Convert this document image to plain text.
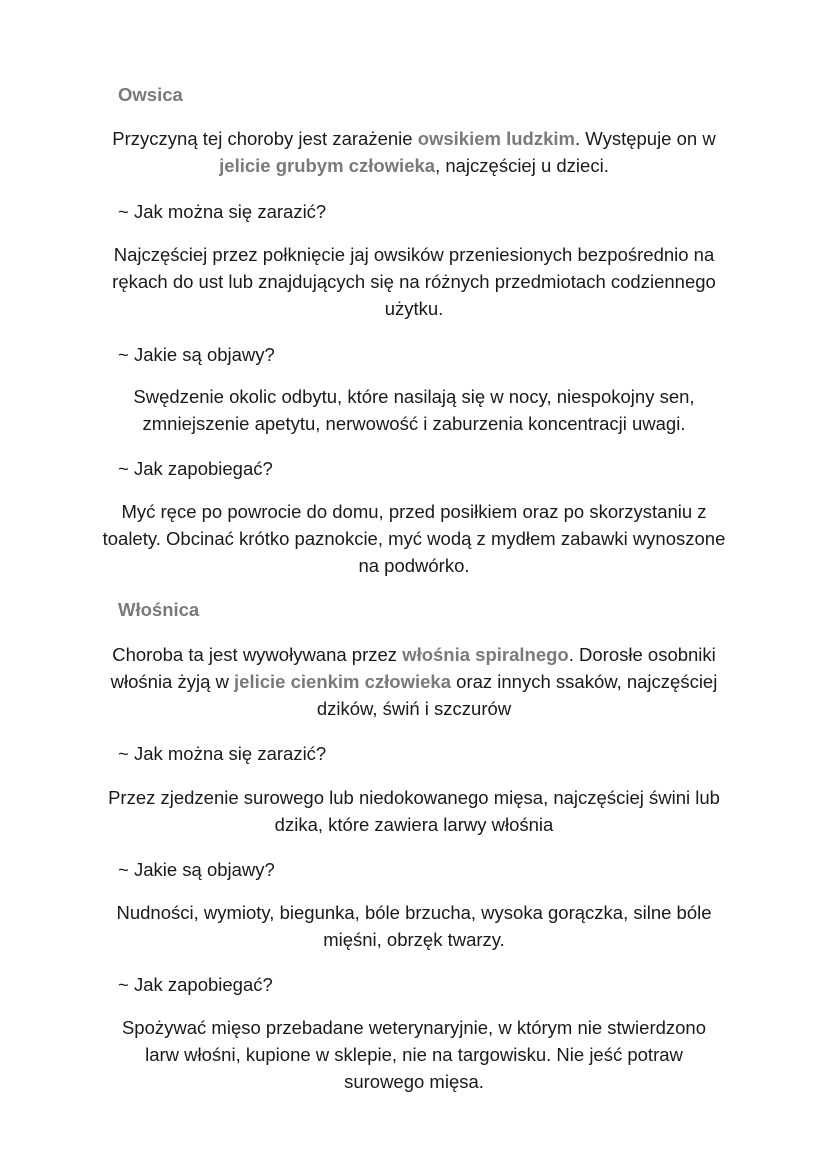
Owsica
Przyczyną tej choroby jest zarażenie owsikiem ludzkim. Występuje on w
jelicie grubym człowieka, najczęściej u dzieci.
~ Jak można się zarazić?
Najczęściej przez połknięcie jaj owsików przeniesionych bezpośrednio na rękach do ust lub znajdujących się na różnych przedmiotach codziennego użytku.
~ Jakie są objawy?
Swędzenie okolic odbytu, które nasilają się w nocy, niespokojny sen, zmniejszenie apetytu, nerwowość i zaburzenia koncentracji uwagi.
~ Jak zapobiegać?
Myć ręce po powrocie do domu, przed posiłkiem oraz po skorzystaniu z toalety. Obcinać krótko paznokcie, myć wodą z mydłem zabawki wynoszone na podwórko.
Włośnica
Choroba ta jest wywoływana przez włośnia spiralnego. Dorosłe osobniki włośnia żyją w jelicie cienkim człowieka oraz innych ssaków, najczęściej dzików, świń i szczurów
~ Jak można się zarazić?
Przez zjedzenie surowego lub niedokowanego mięsa, najczęściej świni lub dzika, które zawiera larwy włośnia
~ Jakie są objawy?
Nudności, wymioty, biegunka, bóle brzucha, wysoka gorączka, silne bóle mięśni, obrzęk twarzy.
~ Jak zapobiegać?
Spożywać mięso przebadane weterynaryjnie, w którym nie stwierdzono larw włośni, kupione w sklepie, nie na targowisku. Nie jeść potraw surowego mięsa.
